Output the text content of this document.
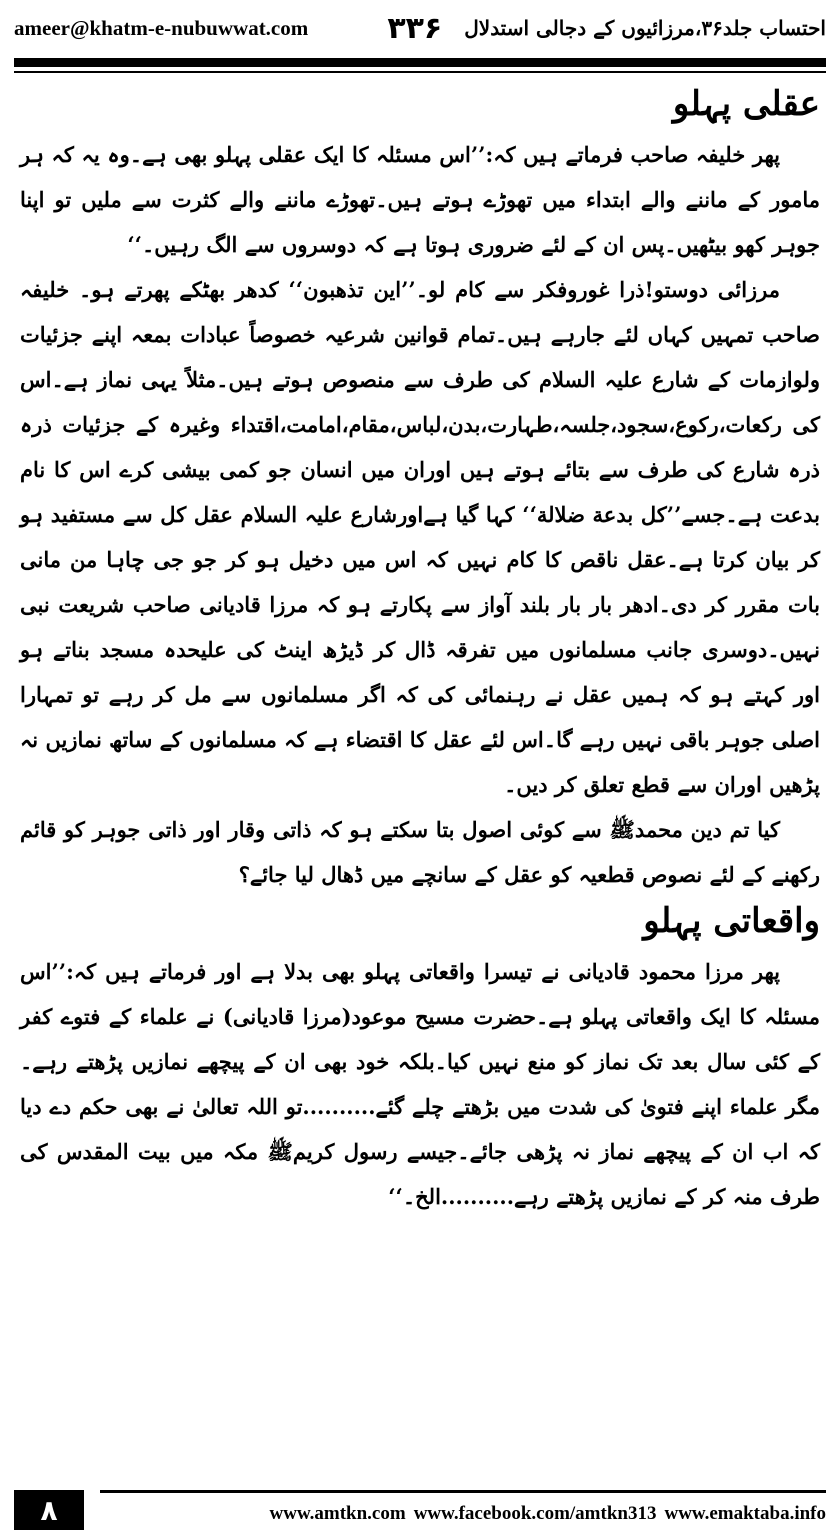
ameer@khatm-e-nubuwwat.com	احتساب جلد۳۶،مرزائیوں کے دجالی استدلال
۳۳۶
عقلی پہلو

پھر خلیفہ صاحب فرماتے ہیں کہ:’’اس مسئلہ کا ایک عقلی پہلو بھی ہے۔وہ یہ کہ ہر مامور کے ماننے والے ابتداء میں تھوڑے ہوتے ہیں۔تھوڑے ماننے والے کثرت سے ملیں تو اپنا جوہر کھو بیٹھیں۔پس ان کے لئے ضروری ہوتا ہے کہ دوسروں سے الگ رہیں۔‘‘

مرزائی دوستو!ذرا غوروفکر سے کام لو۔’’این تذھبون‘‘ کدھر بھٹکے پھرتے ہو۔ خلیفہ صاحب تمہیں کہاں لئے جارہے ہیں۔تمام قوانین شرعیہ خصوصاً عبادات بمعہ اپنے جزئیات ولوازمات کے شارع علیہ السلام کی طرف سے منصوص ہوتے ہیں۔مثلاً یہی نماز ہے۔اس کی رکعات،رکوع،سجود،جلسہ،طہارت،بدن،لباس،مقام،امامت،اقتداء وغیرہ کے جزئیات ذرہ ذرہ شارع کی طرف سے بتائے ہوتے ہیں اوران میں انسان جو کمی بیشی کرے اس کا نام بدعت ہے۔جسے’’کل بدعة ضلالة‘‘ کہا گیا ہےاورشارع علیہ السلام عقل کل سے مستفید ہو کر بیان کرتا ہے۔عقل ناقص کا کام نہیں کہ اس میں دخیل ہو کر جو جی چاہا من مانی بات مقرر کر دی۔ادھر بار بار بلند آواز سے پکارتے ہو کہ مرزا قادیانی صاحب شریعت نبی نہیں۔دوسری جانب مسلمانوں میں تفرقہ ڈال کر ڈیڑھ اینٹ کی علیحدہ مسجد بناتے ہو اور کہتے ہو کہ ہمیں عقل نے رہنمائی کی کہ اگر مسلمانوں سے مل کر رہے تو تمہارا اصلی جوہر باقی نہیں رہے گا۔اس لئے عقل کا اقتضاء ہے کہ مسلمانوں کے ساتھ نمازیں نہ پڑھیں اوران سے قطع تعلق کر دیں۔

کیا تم دین محمدﷺ سے کوئی اصول بتا سکتے ہو کہ ذاتی وقار اور ذاتی جوہر کو قائم رکھنے کے لئے نصوص قطعیہ کو عقل کے سانچے میں ڈھال لیا جائے؟

واقعاتی پہلو

پھر مرزا محمود قادیانی نے تیسرا واقعاتی پہلو بھی بدلا ہے اور فرماتے ہیں کہ:’’اس مسئلہ کا ایک واقعاتی پہلو ہے۔حضرت مسیح موعود(مرزا قادیانی) نے علماء کے فتوے کفر کے کئی سال بعد تک نماز کو منع نہیں کیا۔بلکہ خود بھی ان کے پیچھے نمازیں پڑھتے رہے۔مگر علماء اپنے فتویٰ کی شدت میں بڑھتے چلے گئے..........تو اللہ تعالیٰ نے بھی حکم دے دیا کہ اب ان کے پیچھے نماز نہ پڑھی جائے۔جیسے رسول کریمﷺ مکہ میں بیت المقدس کی طرف منہ کر کے نمازیں پڑھتے رہے..........الخ۔‘‘

۸	www.amtkn.com www.facebook.com/amtkn313 www.emaktaba.info
